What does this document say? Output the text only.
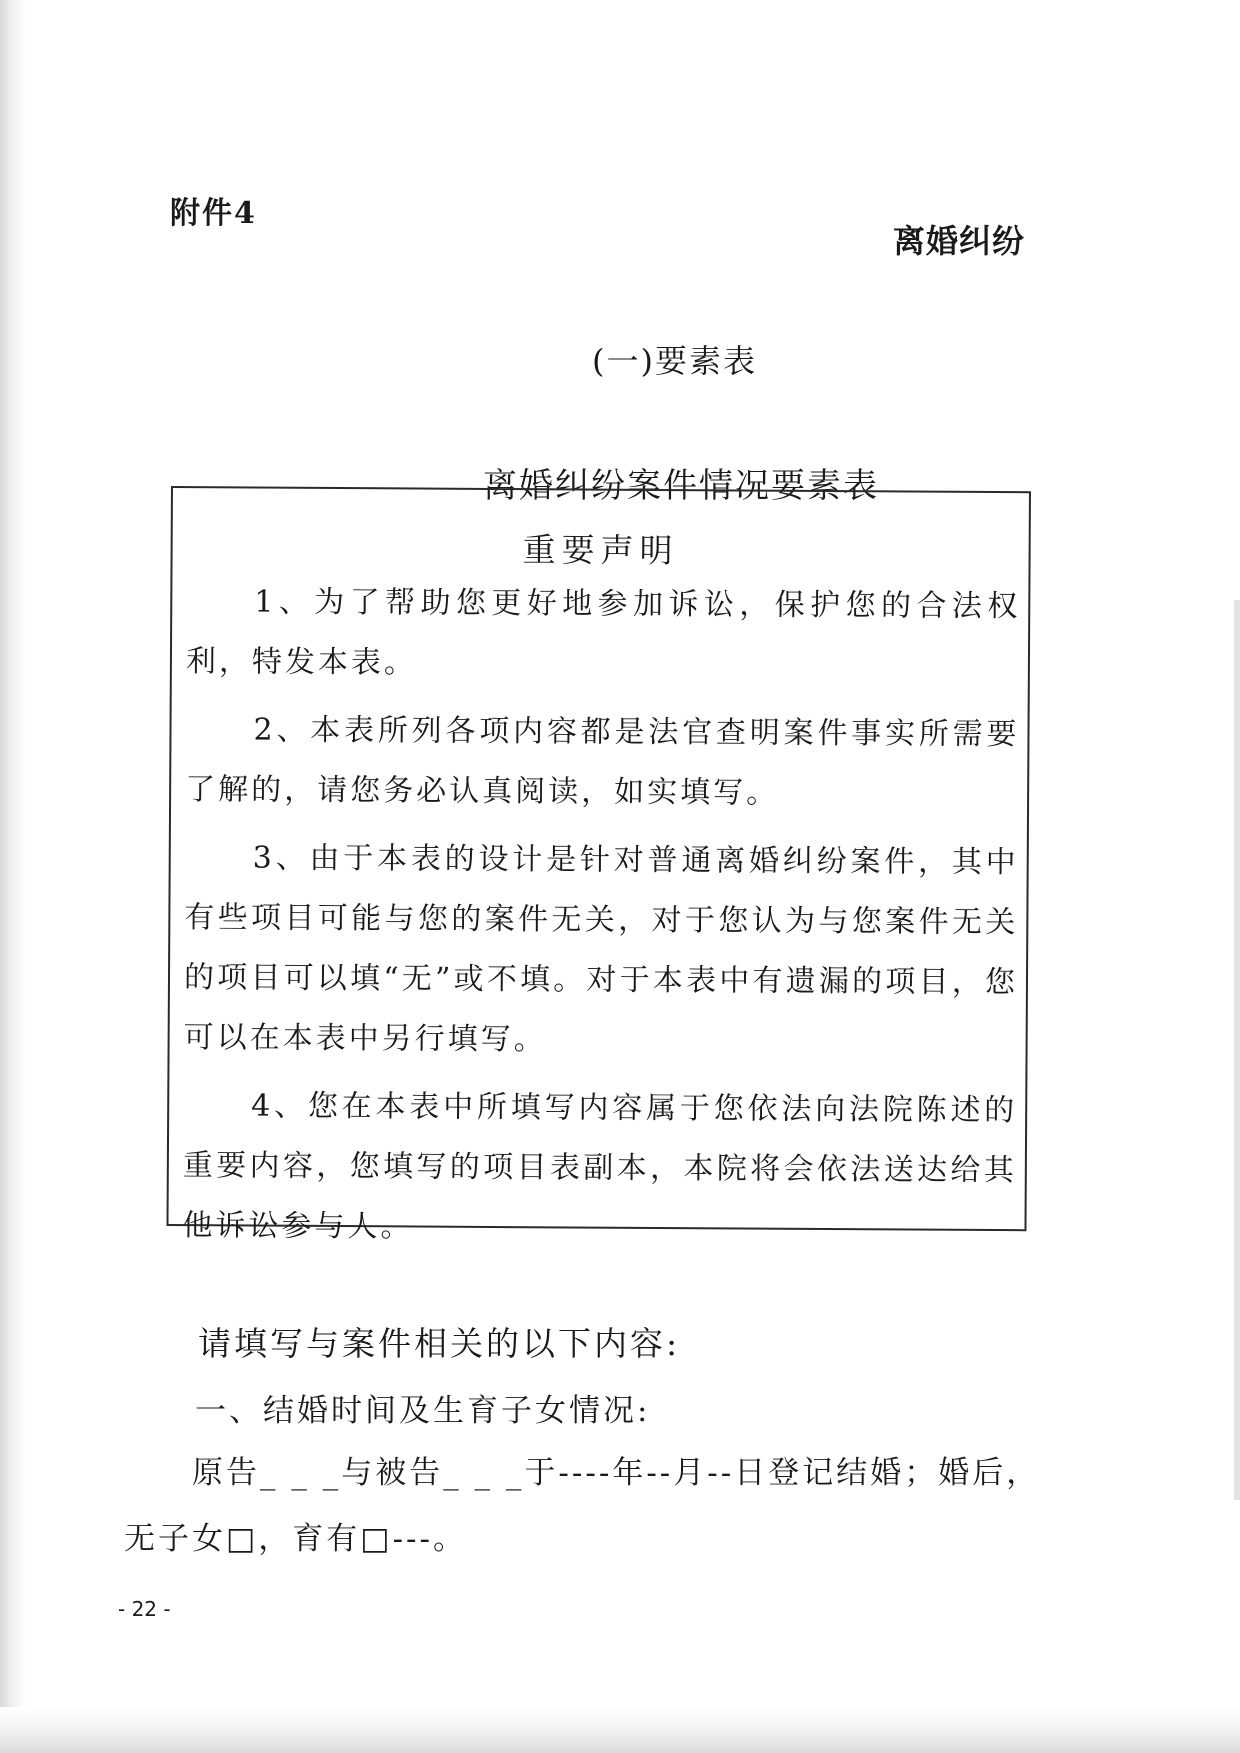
附件4
离婚纠纷
(一)要素表
离婚纠纷案件情况要素表
重要声明

1、为了帮助您更好地参加诉讼，保护您的合法权利，特发本表。

2、本表所列各项内容都是法官查明案件事实所需要了解的，请您务必认真阅读，如实填写。

3、由于本表的设计是针对普通离婚纠纷案件，其中有些项目可能与您的案件无关，对于您认为与您案件无关的项目可以填“无”或不填。对于本表中有遗漏的项目，您可以在本表中另行填写。

4、您在本表中所填写内容属于您依法向法院陈述的重要内容，您填写的项目表副本，本院将会依法送达给其他诉讼参与人。

请填写与案件相关的以下内容:
一、结婚时间及生育子女情况:
原告_ _ _与被告_ _ _于----年--月--日登记结婚；婚后，无子女□，育有□---。
- 22 -
